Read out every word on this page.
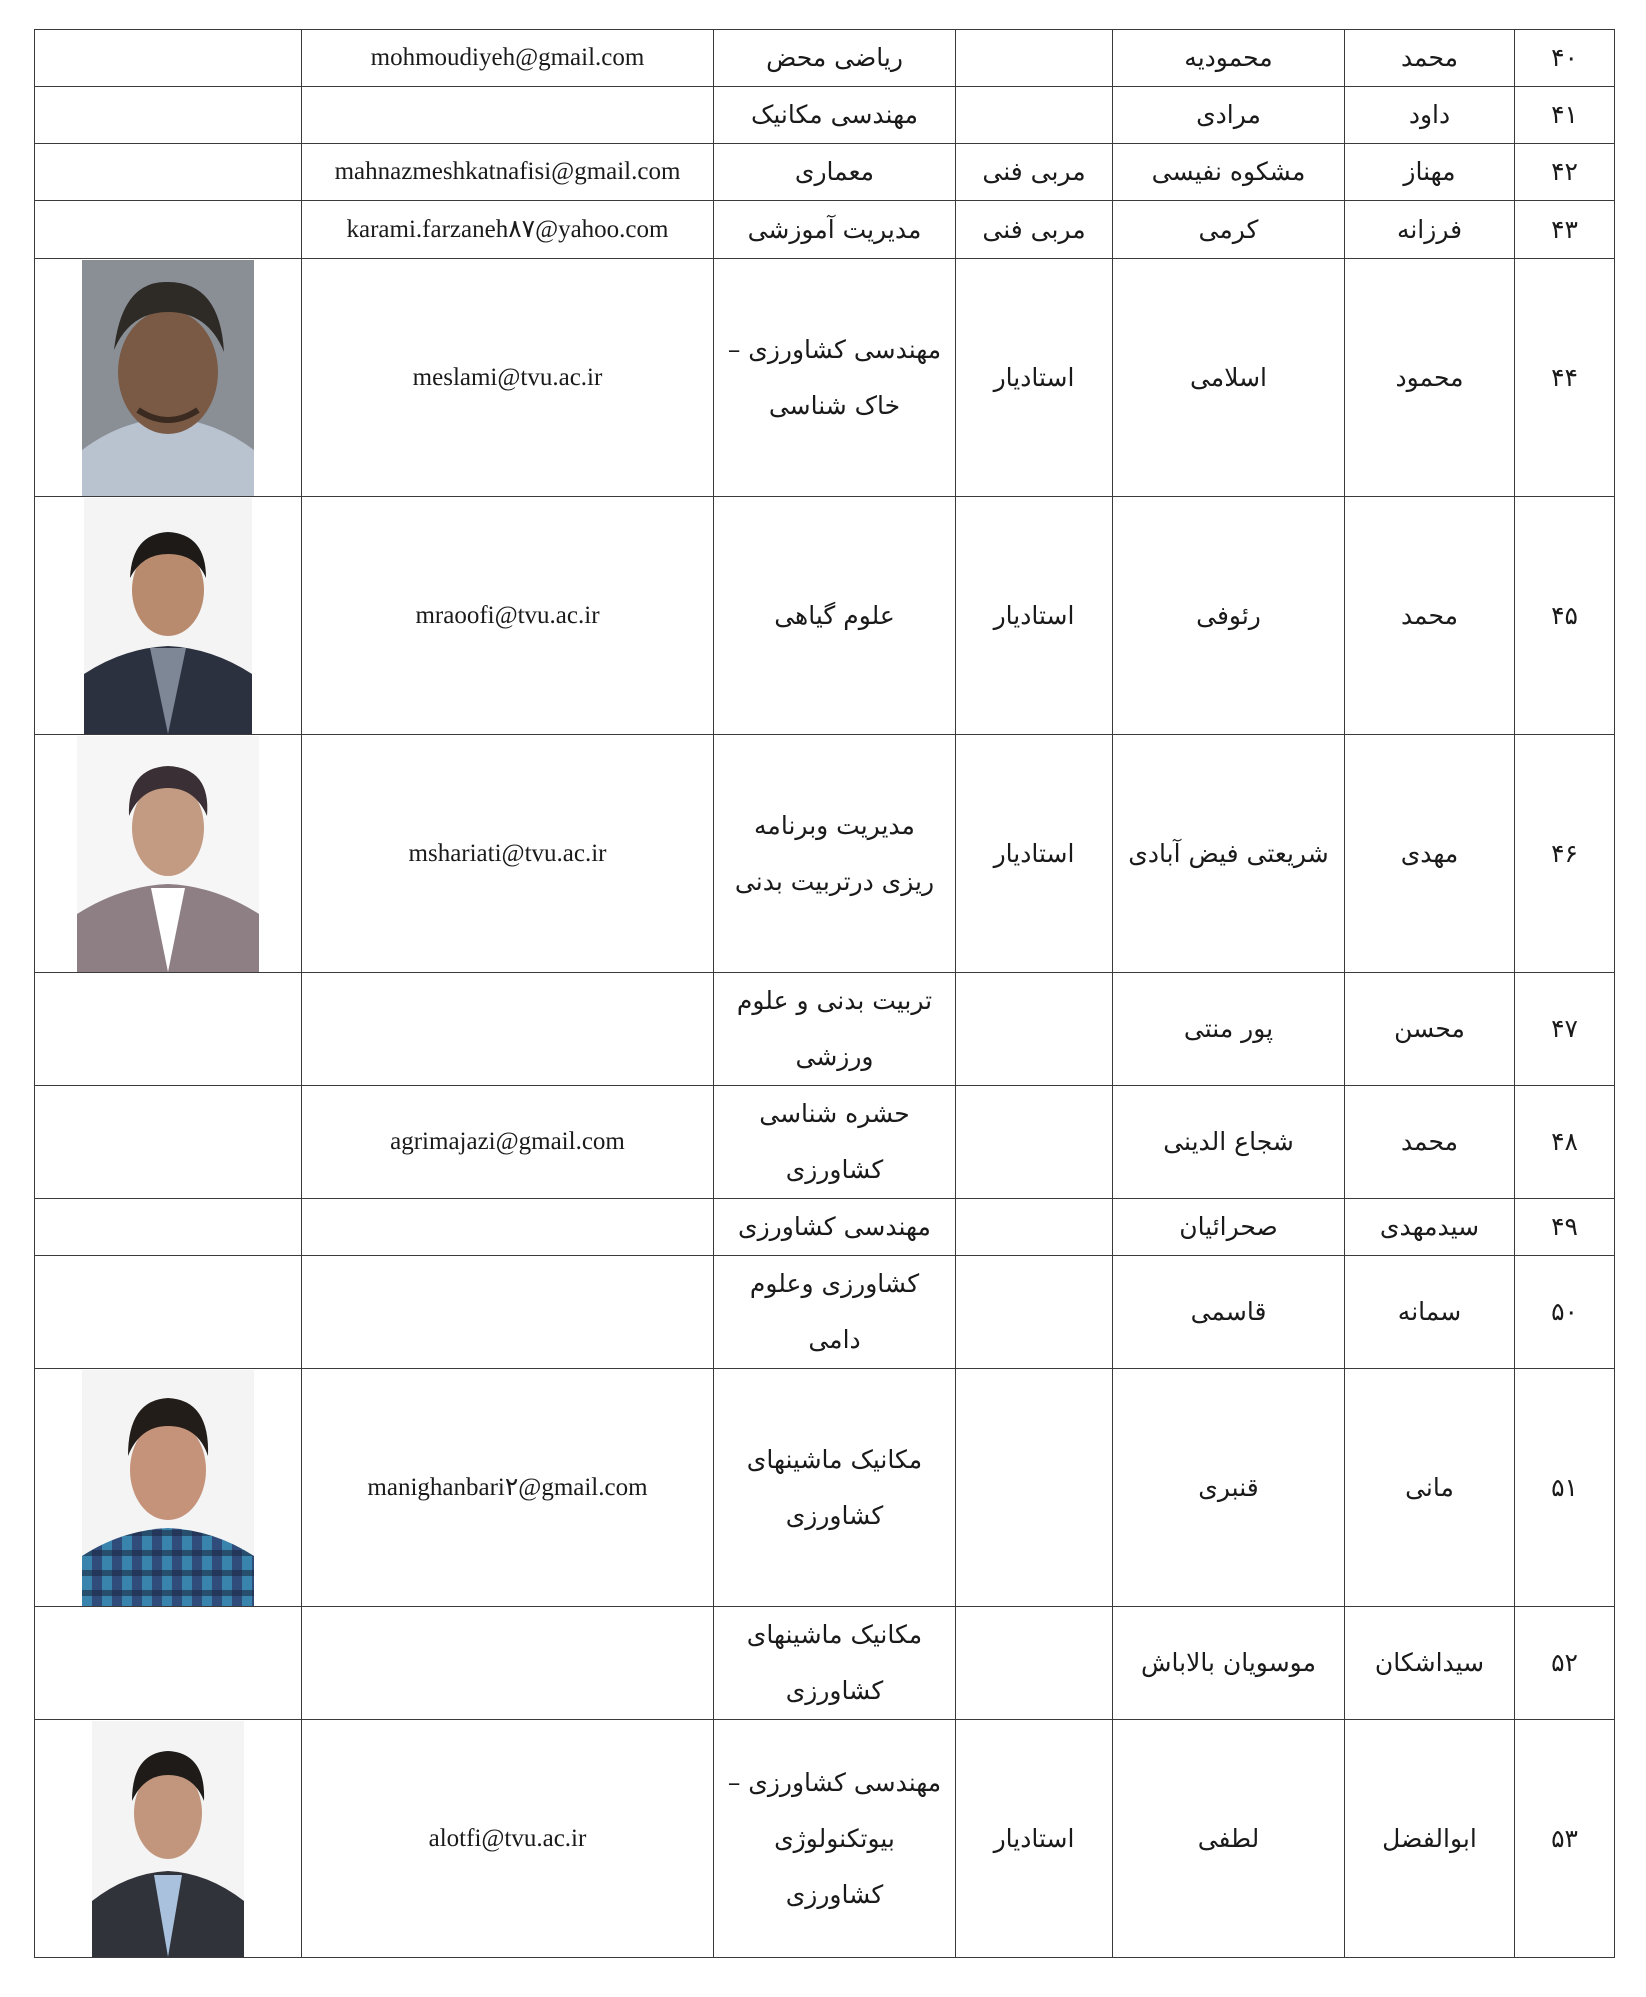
	mohmoudiyeh@gmail.com	ریاضی محض		محمودیه	محمد	۴۰
		مهندسی مکانیک		مرادی	داود	۴۱
	mahnazmeshkatnafisi@gmail.com	معماری	مربی فنی	مشکوه نفیسی	مهناز	۴۲
	karami.farzaneh۸۷@yahoo.com	مدیریت آموزشی	مربی فنی	کرمی	فرزانه	۴۳

	meslami@tvu.ac.ir	مهندسی کشاورزی – خاک شناسی	استادیار	اسلامی	محمود	۴۴

	mraoofi@tvu.ac.ir	علوم گیاهی	استادیار	رئوفی	محمد	۴۵

	mshariati@tvu.ac.ir	مدیریت وبرنامه ریزی درتربیت بدنی	استادیار	شریعتی فیض آبادی	مهدی	۴۶
		تربیت بدنی و علوم ورزشی		پور منتی	محسن	۴۷
	agrimajazi@gmail.com	حشره شناسی کشاورزی		شجاع الدینی	محمد	۴۸
		مهندسی کشاورزی		صحرائیان	سیدمهدی	۴۹
		کشاورزی وعلوم دامی		قاسمی	سمانه	۵۰

	manighanbari۲@gmail.com	مکانیک ماشینهای کشاورزی		قنبری	مانی	۵۱
		مکانیک ماشینهای کشاورزی		موسویان بالاباش	سیداشکان	۵۲

	alotfi@tvu.ac.ir	مهندسی کشاورزی – بیوتکنولوژی کشاورزی	استادیار	لطفی	ابوالفضل	۵۳
